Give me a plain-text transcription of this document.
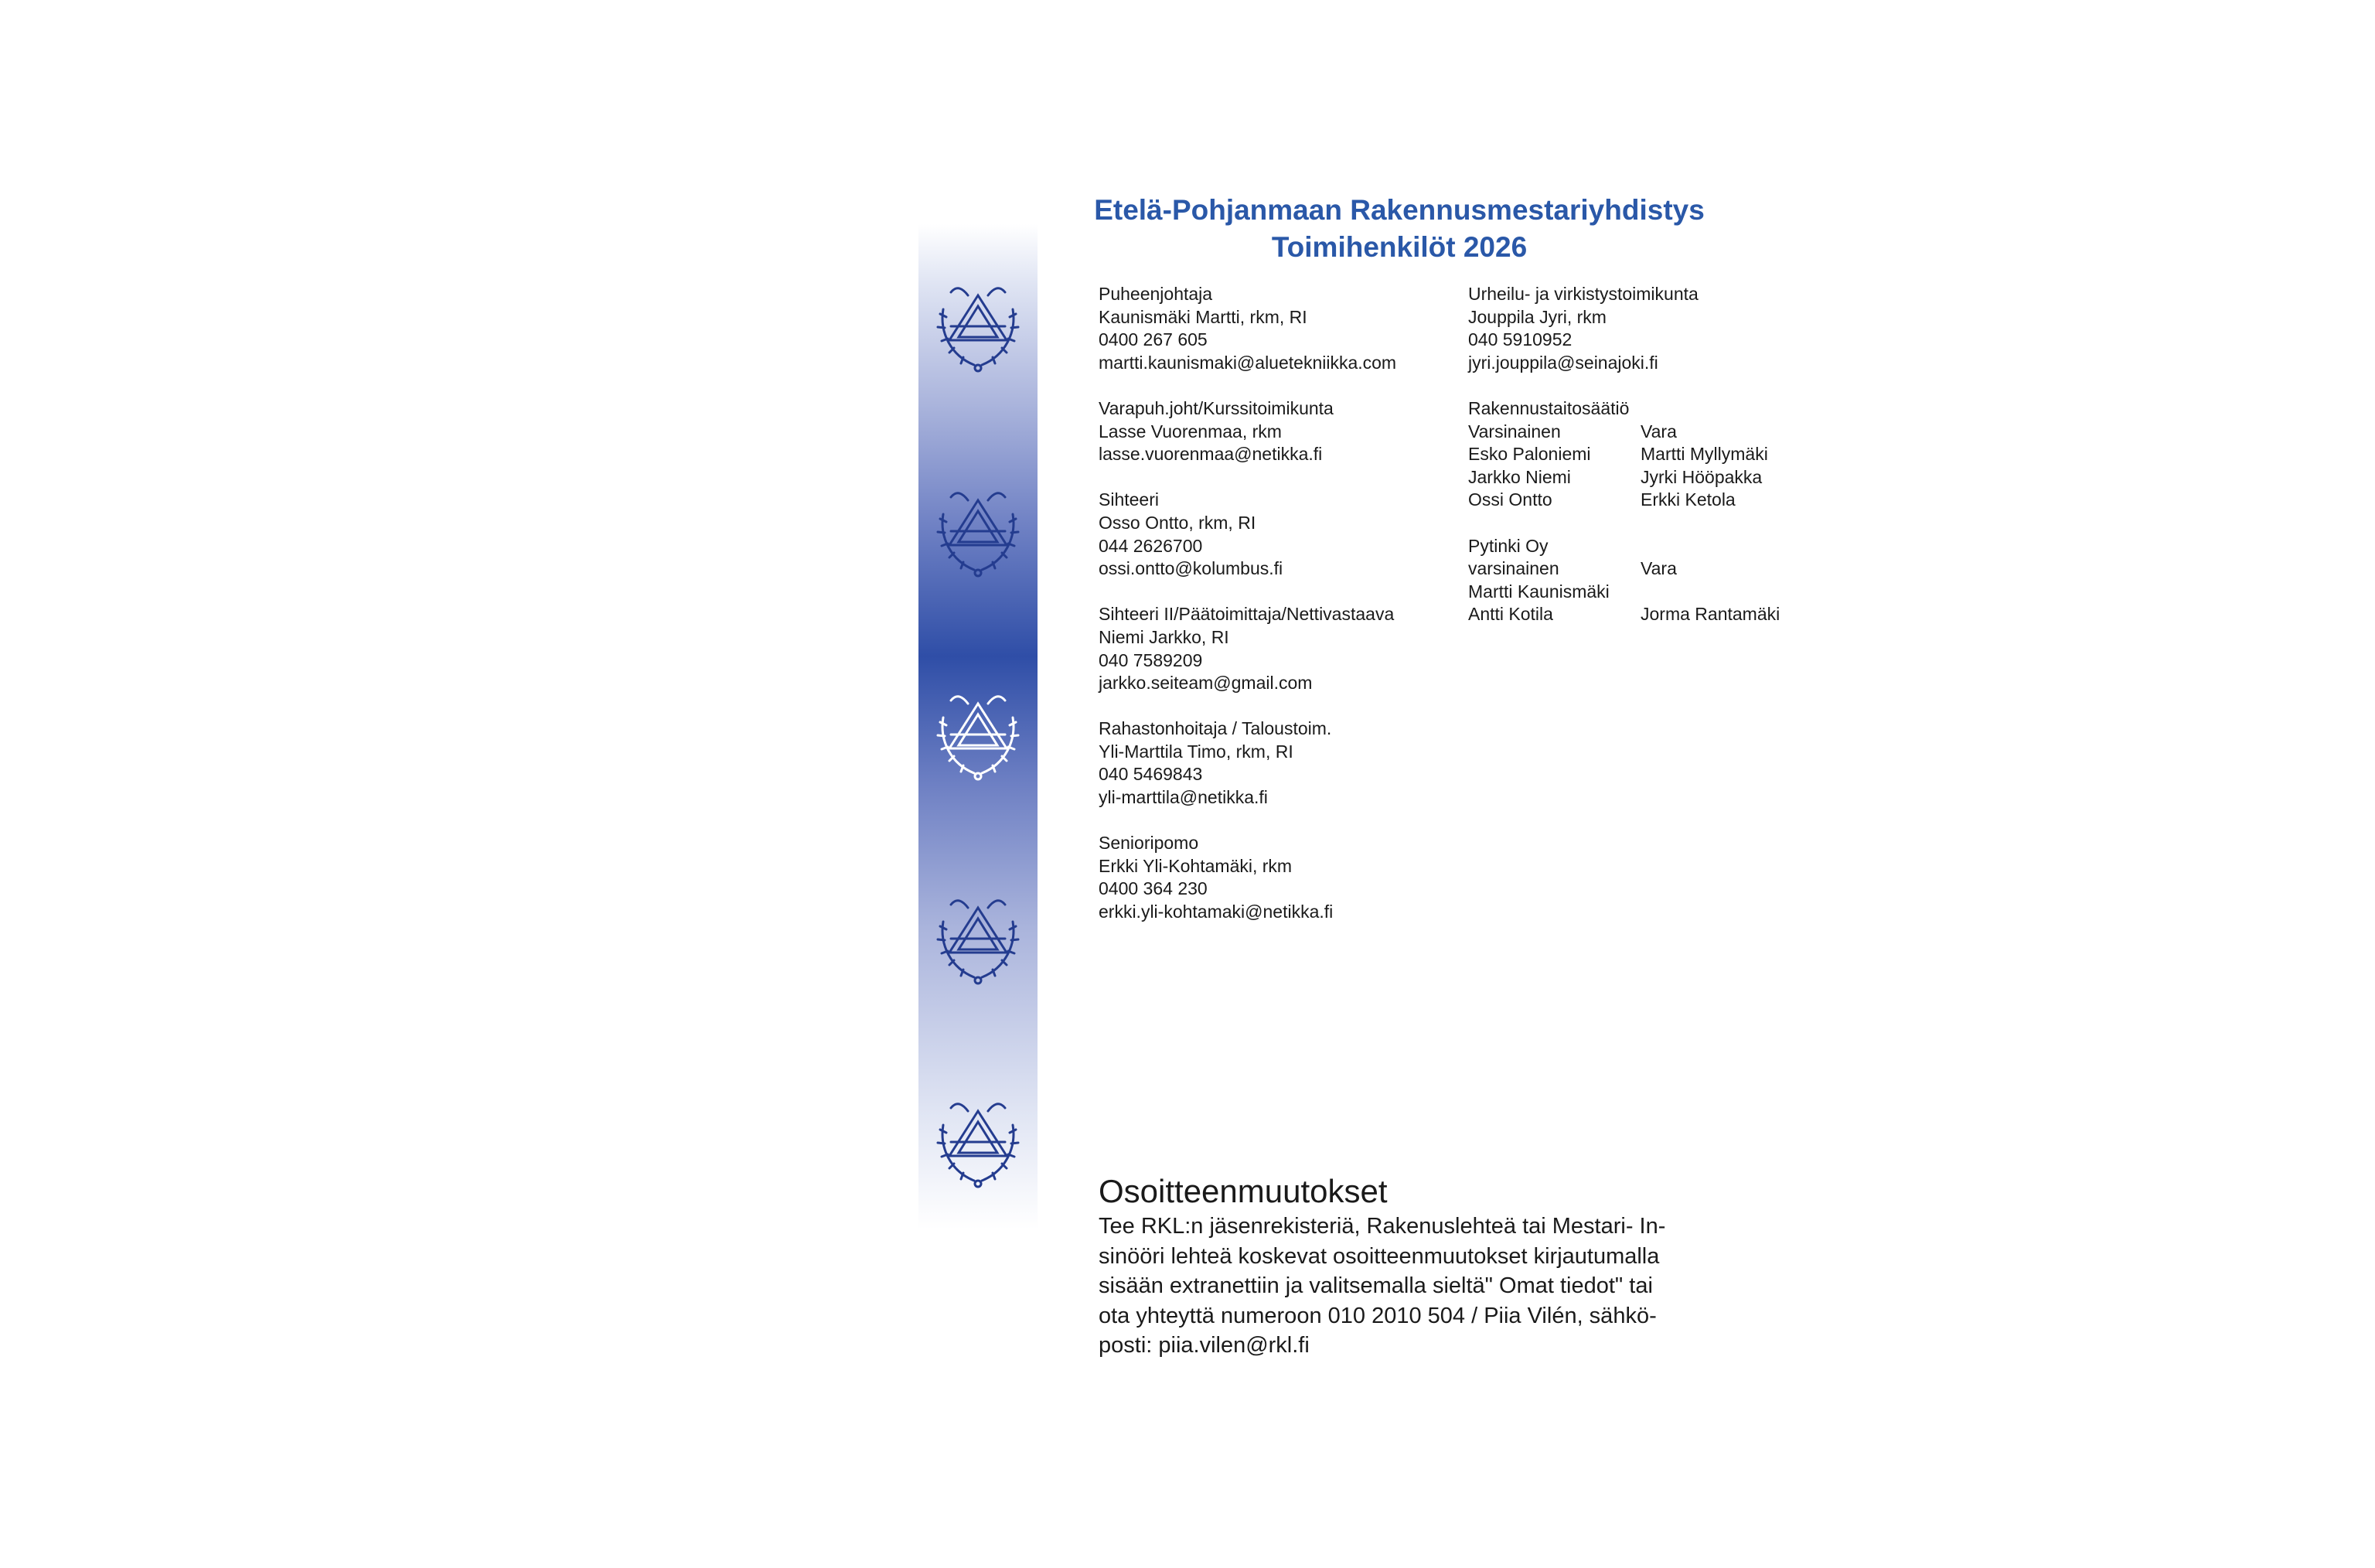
Etelä-Pohjanmaan Rakennusmestariyhdistys
Toimihenkilöt 2026
Puheenjohtaja
Kaunismäki Martti, rkm, RI
0400 267 605
martti.kaunismaki@aluetekniikka.com
Varapuh.joht/Kurssitoimikunta
Lasse Vuorenmaa, rkm
lasse.vuorenmaa@netikka.fi
Sihteeri
Osso Ontto, rkm, RI
044 2626700
ossi.ontto@kolumbus.fi
Sihteeri II/Päätoimittaja/Nettivastaava
Niemi Jarkko, RI
040 7589209
jarkko.seiteam@gmail.com
Rahastonhoitaja / Taloustoim.
Yli-Marttila Timo, rkm, RI
040 5469843
yli-marttila@netikka.fi
Senioripomo
Erkki Yli-Kohtamäki, rkm
0400 364 230
erkki.yli-kohtamaki@netikka.fi
Urheilu- ja virkistystoimikunta
Jouppila Jyri, rkm
040 5910952
jyri.jouppila@seinajoki.fi
Rakennustaitosäätiö
Varsinainen	Vara
Esko Paloniemi	Martti Myllymäki
Jarkko Niemi	Jyrki Hööpakka
Ossi Ontto	Erkki Ketola
Pytinki Oy
varsinainen	Vara
Martti Kaunismäki
Antti Kotila	Jorma Rantamäki
Osoitteenmuutokset
Tee RKL:n jäsenrekisteriä, Rakenuslehteä tai Mestari- In-
sinööri lehteä koskevat osoitteenmuutokset kirjautumalla
sisään extranettiin ja valitsemalla sieltä" Omat tiedot" tai
ota yhteyttä numeroon 010 2010 504 / Piia Vilén, sähkö-
posti: piia.vilen@rkl.fi
